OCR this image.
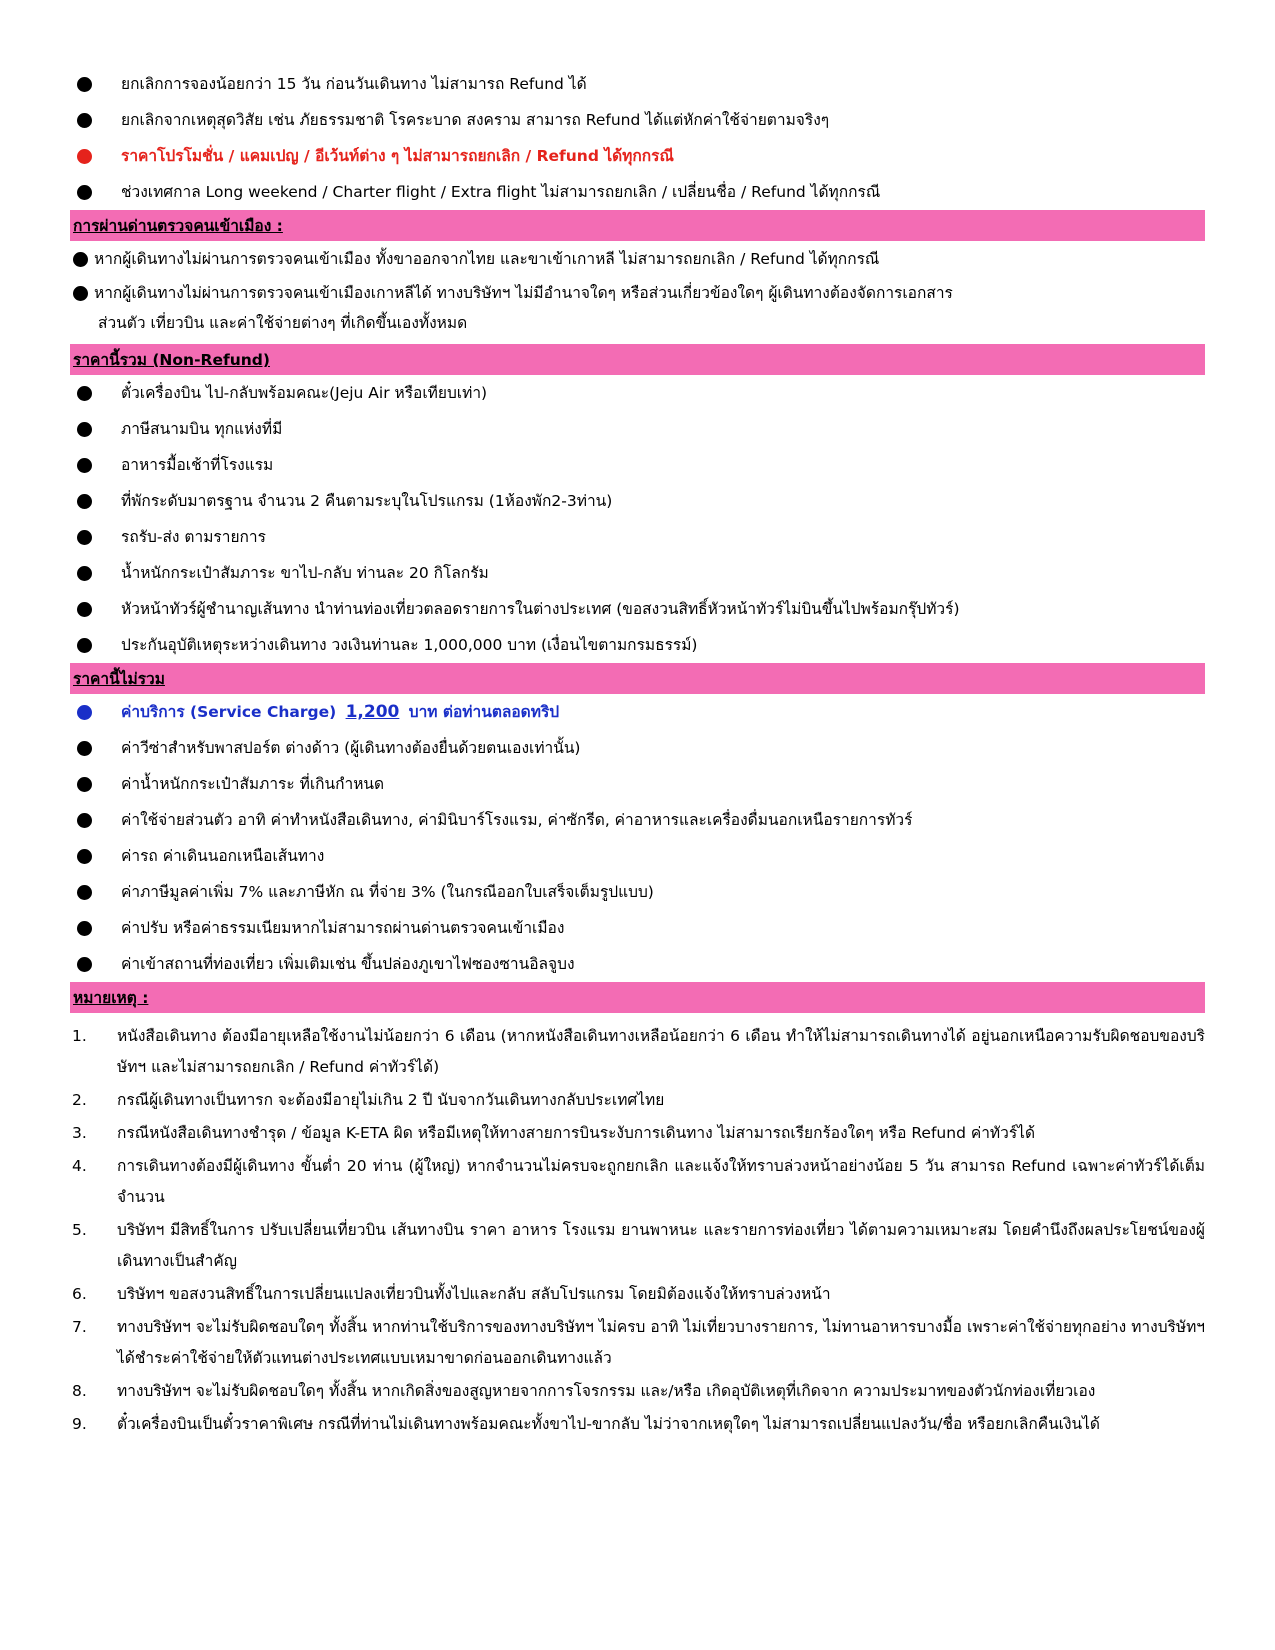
ยกเลิกการจองน้อยกว่า 15 วัน ก่อนวันเดินทาง ไม่สามารถ Refund ได้
ยกเลิกจากเหตุสุดวิสัย เช่น ภัยธรรมชาติ โรคระบาด สงคราม สามารถ Refund ได้แต่หักค่าใช้จ่ายตามจริงๆ
ราคาโปรโมชั่น / แคมเปญ / อีเว้นท์ต่าง ๆ ไม่สามารถยกเลิก / Refund ได้ทุกกรณี
ช่วงเทศกาล Long weekend / Charter flight / Extra flight ไม่สามารถยกเลิก / เปลี่ยนชื่อ / Refund ได้ทุกกรณี
การผ่านด่านตรวจคนเข้าเมือง :
หากผู้เดินทางไม่ผ่านการตรวจคนเข้าเมือง ทั้งขาออกจากไทย และขาเข้าเกาหลี ไม่สามารถยกเลิก / Refund ได้ทุกกรณี
หากผู้เดินทางไม่ผ่านการตรวจคนเข้าเมืองเกาหลีได้ ทางบริษัทฯ ไม่มีอำนาจใดๆ หรือส่วนเกี่ยวข้องใดๆ ผู้เดินทางต้องจัดการเอกสาร
ส่วนตัว เที่ยวบิน และค่าใช้จ่ายต่างๆ ที่เกิดขึ้นเองทั้งหมด
ราคานี้รวม (Non-Refund)
ตั๋วเครื่องบิน ไป-กลับพร้อมคณะ(Jeju Air หรือเทียบเท่า)
ภาษีสนามบิน ทุกแห่งที่มี
อาหารมื้อเช้าที่โรงแรม
ที่พักระดับมาตรฐาน จำนวน 2 คืนตามระบุในโปรแกรม (1ห้องพัก2-3ท่าน)
รถรับ-ส่ง ตามรายการ
น้ำหนักกระเป๋าสัมภาระ ขาไป-กลับ ท่านละ 20 กิโลกรัม
หัวหน้าทัวร์ผู้ชำนาญเส้นทาง นำท่านท่องเที่ยวตลอดรายการในต่างประเทศ (ขอสงวนสิทธิ์หัวหน้าทัวร์ไม่บินขึ้นไปพร้อมกรุ๊ปทัวร์)
ประกันอุบัติเหตุระหว่างเดินทาง วงเงินท่านละ 1,000,000 บาท (เงื่อนไขตามกรมธรรม์)
ราคานี้ไม่รวม
ค่าบริการ (Service Charge) 1,200 บาท ต่อท่านตลอดทริป
ค่าวีซ่าสำหรับพาสปอร์ต ต่างด้าว (ผู้เดินทางต้องยื่นด้วยตนเองเท่านั้น)
ค่าน้ำหนักกระเป๋าสัมภาระ ที่เกินกำหนด
ค่าใช้จ่ายส่วนตัว อาทิ ค่าทำหนังสือเดินทาง, ค่ามินิบาร์โรงแรม, ค่าซักรีด, ค่าอาหารและเครื่องดื่มนอกเหนือรายการทัวร์
ค่ารถ ค่าเดินนอกเหนือเส้นทาง
ค่าภาษีมูลค่าเพิ่ม 7% และภาษีหัก ณ ที่จ่าย 3% (ในกรณีออกใบเสร็จเต็มรูปแบบ)
ค่าปรับ หรือค่าธรรมเนียมหากไม่สามารถผ่านด่านตรวจคนเข้าเมือง
ค่าเข้าสถานที่ท่องเที่ยว เพิ่มเติมเช่น ขึ้นปล่องภูเขาไฟซองซานอิลจูบง
หมายเหตุ :
1.	หนังสือเดินทาง ต้องมีอายุเหลือใช้งานไม่น้อยกว่า 6 เดือน (หากหนังสือเดินทางเหลือน้อยกว่า 6 เดือน ทำให้ไม่สามารถเดินทางได้ อยู่นอกเหนือความรับผิดชอบของบริษัทฯ และไม่สามารถยกเลิก / Refund ค่าทัวร์ได้)
2.	กรณีผู้เดินทางเป็นทารก จะต้องมีอายุไม่เกิน 2 ปี นับจากวันเดินทางกลับประเทศไทย
3.	กรณีหนังสือเดินทางชำรุด / ข้อมูล K-ETA ผิด หรือมีเหตุให้ทางสายการบินระงับการเดินทาง ไม่สามารถเรียกร้องใดๆ หรือ Refund ค่าทัวร์ได้
4.	การเดินทางต้องมีผู้เดินทาง ขั้นต่ำ 20 ท่าน (ผู้ใหญ่) หากจำนวนไม่ครบจะถูกยกเลิก และแจ้งให้ทราบล่วงหน้าอย่างน้อย 5 วัน สามารถ Refund เฉพาะค่าทัวร์ได้เต็มจำนวน
5.	บริษัทฯ มีสิทธิ์ในการ ปรับเปลี่ยนเที่ยวบิน เส้นทางบิน ราคา อาหาร โรงแรม ยานพาหนะ และรายการท่องเที่ยว ได้ตามความเหมาะสม โดยคำนึงถึงผลประโยชน์ของผู้เดินทางเป็นสำคัญ
6.	บริษัทฯ ขอสงวนสิทธิ์ในการเปลี่ยนแปลงเที่ยวบินทั้งไปและกลับ สลับโปรแกรม โดยมิต้องแจ้งให้ทราบล่วงหน้า
7.	ทางบริษัทฯ จะไม่รับผิดชอบใดๆ ทั้งสิ้น หากท่านใช้บริการของทางบริษัทฯ ไม่ครบ อาทิ ไม่เที่ยวบางรายการ, ไม่ทานอาหารบางมื้อ เพราะค่าใช้จ่ายทุกอย่าง ทางบริษัทฯ ได้ชำระค่าใช้จ่ายให้ตัวแทนต่างประเทศแบบเหมาขาดก่อนออกเดินทางแล้ว
8.	ทางบริษัทฯ จะไม่รับผิดชอบใดๆ ทั้งสิ้น หากเกิดสิ่งของสูญหายจากการโจรกรรม และ/หรือ เกิดอุบัติเหตุที่เกิดจาก ความประมาทของตัวนักท่องเที่ยวเอง
9.	ตั๋วเครื่องบินเป็นตั๋วราคาพิเศษ กรณีที่ท่านไม่เดินทางพร้อมคณะทั้งขาไป-ขากลับ ไม่ว่าจากเหตุใดๆ ไม่สามารถเปลี่ยนแปลงวัน/ชื่อ หรือยกเลิกคืนเงินได้
